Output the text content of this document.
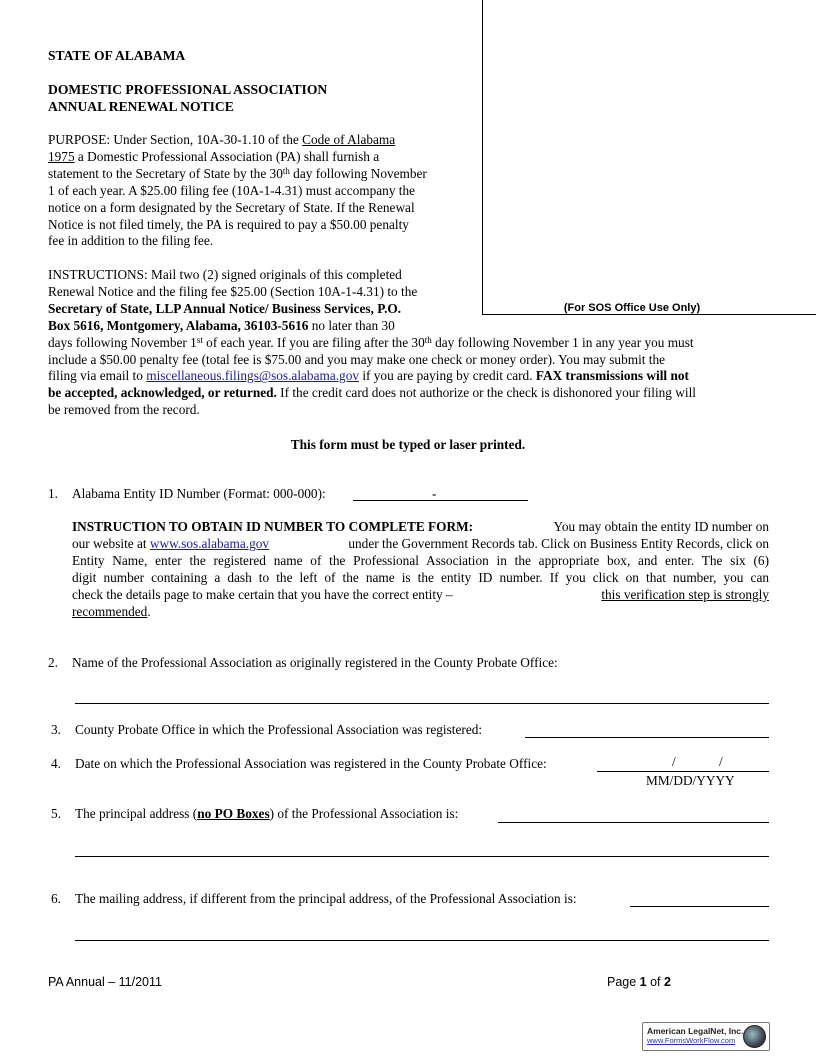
(For SOS Office Use Only)
STATE OF ALABAMA
DOMESTIC PROFESSIONAL ASSOCIATION
ANNUAL RENEWAL NOTICE
PURPOSE: Under Section, 10A-30-1.10 of the Code of Alabama
1975 a Domestic Professional Association (PA) shall furnish a
statement to the Secretary of State by the 30th day following November
1 of each year. A $25.00 filing fee (10A-1-4.31) must accompany the
notice on a form designated by the Secretary of State. If the Renewal
Notice is not filed timely, the PA is required to pay a $50.00 penalty
fee in addition to the filing fee.
INSTRUCTIONS: Mail two (2) signed originals of this completed
Renewal Notice and the filing fee $25.00 (Section 10A-1-4.31) to the
Secretary of State, LLP Annual Notice/ Business Services, P.O.
Box 5616, Montgomery, Alabama, 36103-5616 no later than 30
days following November 1st of each year. If you are filing after the 30th day following November 1 in any year you must
include a $50.00 penalty fee (total fee is $75.00 and you may make one check or money order). You may submit the
filing via email to miscellaneous.filings@sos.alabama.gov if you are paying by credit card. FAX transmissions will not
be accepted, acknowledged, or returned. If the credit card does not authorize or the check is dishonored your filing will
be removed from the record.
This form must be typed or laser printed.
1. Alabama Entity ID Number (Format: 000-000):	-
INSTRUCTION TO OBTAIN ID NUMBER TO COMPLETE FORM:	You may obtain the entity ID number on
our website at www.sos.alabama.gov	under the Government Records tab. Click on Business Entity Records, click on
Entity Name, enter the registered name of the Professional Association in the appropriate box, and enter. The six (6)
digit number containing a dash to the left of the name is the entity ID number. If you click on that number, you can
check the details page to make certain that you have the correct entity –	this verification step is strongly
recommended.
2. Name of the Professional Association as originally registered in the County Probate Office:
3. County Probate Office in which the Professional Association was registered:
4. Date on which the Professional Association was registered in the County Probate Office:	/	/
MM/DD/YYYY
5. The principal address (no PO Boxes) of the Professional Association is:
6. The mailing address, if different from the principal address, of the Professional Association is:
PA Annual – 11/2011	Page 1 of 2
American LegalNet, Inc.
www.FormsWorkFlow.com
